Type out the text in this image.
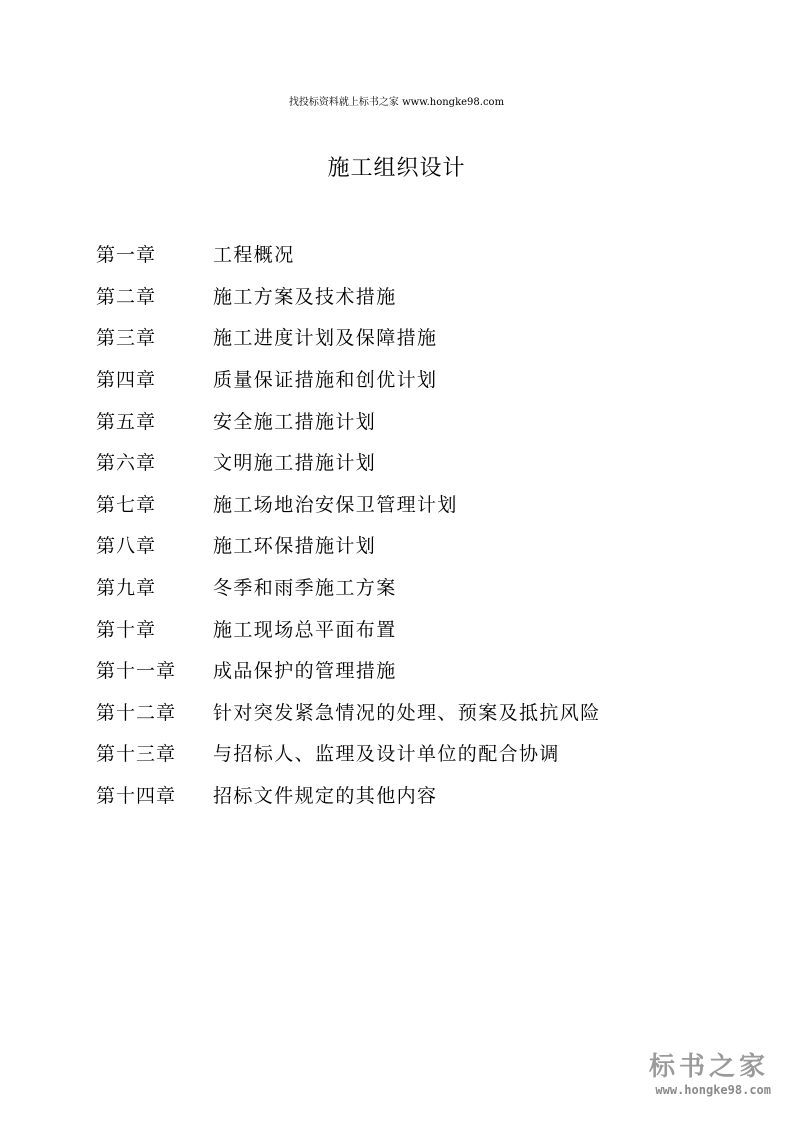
找投标资料就上标书之家 www.hongke98.com
施工组织设计
第一章	工程概况
第二章	施工方案及技术措施
第三章	施工进度计划及保障措施
第四章	质量保证措施和创优计划
第五章	安全施工措施计划
第六章	文明施工措施计划
第七章	施工场地治安保卫管理计划
第八章	施工环保措施计划
第九章	冬季和雨季施工方案
第十章	施工现场总平面布置
第十一章	成品保护的管理措施
第十二章	针对突发紧急情况的处理、预案及抵抗风险
第十三章	与招标人、监理及设计单位的配合协调
第十四章	招标文件规定的其他内容
标书之家
www.hongke98.com
